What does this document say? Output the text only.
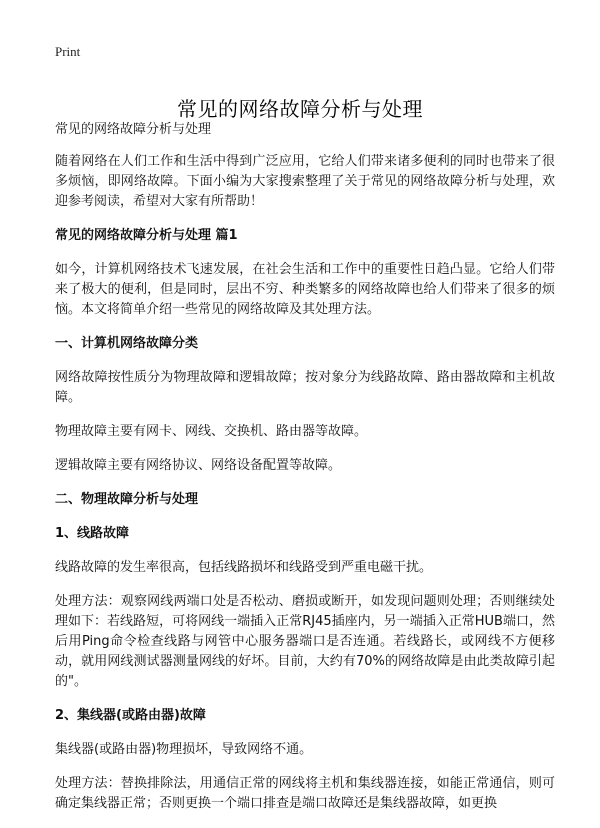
Print
常见的网络故障分析与处理
常见的网络故障分析与处理

随着网络在人们工作和生活中得到广泛应用，它给人们带来诸多便利的同时也带来了很多烦恼，即网络故障。下面小编为大家搜索整理了关于常见的网络故障分析与处理，欢迎参考阅读，希望对大家有所帮助！

常见的网络故障分析与处理 篇1

如今，计算机网络技术飞速发展，在社会生活和工作中的重要性日趋凸显。它给人们带来了极大的便利，但是同时，层出不穷、种类繁多的网络故障也给人们带来了很多的烦恼。本文将简单介绍一些常见的网络故障及其处理方法。

一、计算机网络故障分类

网络故障按性质分为物理故障和逻辑故障；按对象分为线路故障、路由器故障和主机故障。

物理故障主要有网卡、网线、交换机、路由器等故障。

逻辑故障主要有网络协议、网络设备配置等故障。

二、物理故障分析与处理
1、线路故障

线路故障的发生率很高，包括线路损坏和线路受到严重电磁干扰。

处理方法：观察网线两端口处是否松动、磨损或断开，如发现问题则处理；否则继续处理如下：若线路短，可将网线一端插入正常RJ45插座内，另一端插入正常HUB端口，然后用Ping命令检查线路与网管中心服务器端口是否连通。若线路长，或网线不方便移动，就用网线测试器测量网线的好坏。目前，大约有70%的网络故障是由此类故障引起的"。

2、集线器(或路由器)故障

集线器(或路由器)物理损坏，导致网络不通。

处理方法：替换排除法，用通信正常的网线将主机和集线器连接，如能正常通信，则可确定集线器正常；否则更换一个端口排查是端口故障还是集线器故障，如更换
